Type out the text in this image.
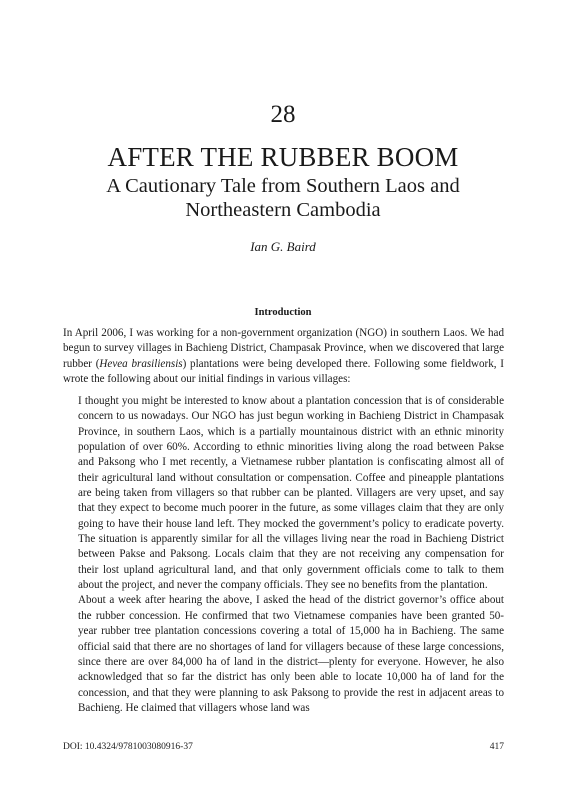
28
AFTER THE RUBBER BOOM
A Cautionary Tale from Southern Laos and Northeastern Cambodia
Ian G. Baird
Introduction

In April 2006, I was working for a non-government organization (NGO) in southern Laos. We had begun to survey villages in Bachieng District, Champasak Province, when we discovered that large rubber (Hevea brasiliensis) plantations were being developed there. Following some fieldwork, I wrote the following about our initial findings in various villages:

I thought you might be interested to know about a plantation concession that is of considerable concern to us nowadays. Our NGO has just begun working in Bachieng District in Champasak Province, in southern Laos, which is a partially mountainous district with an ethnic minority population of over 60%. According to ethnic minorities living along the road between Pakse and Paksong who I met recently, a Vietnamese rubber plantation is confiscating almost all of their agricultural land without consultation or compensation. Coffee and pineapple plantations are being taken from villagers so that rubber can be planted. Villagers are very upset, and say that they expect to become much poorer in the future, as some villages claim that they are only going to have their house land left. They mocked the government’s policy to eradicate poverty. The situation is apparently similar for all the villages living near the road in Bachieng District between Pakse and Paksong. Locals claim that they are not receiving any compensation for their lost upland agricultural land, and that only government officials come to talk to them about the project, and never the company officials. They see no benefits from the plantation.

About a week after hearing the above, I asked the head of the district governor’s office about the rubber concession. He confirmed that two Vietnamese companies have been granted 50-year rubber tree plantation concessions covering a total of 15,000 ha in Bachieng. The same official said that there are no shortages of land for villagers because of these large concessions, since there are over 84,000 ha of land in the district—plenty for everyone. However, he also acknowledged that so far the district has only been able to locate 10,000 ha of land for the concession, and that they were planning to ask Paksong to provide the rest in adjacent areas to Bachieng. He claimed that villagers whose land was

DOI: 10.4324/9781003080916-37	417
